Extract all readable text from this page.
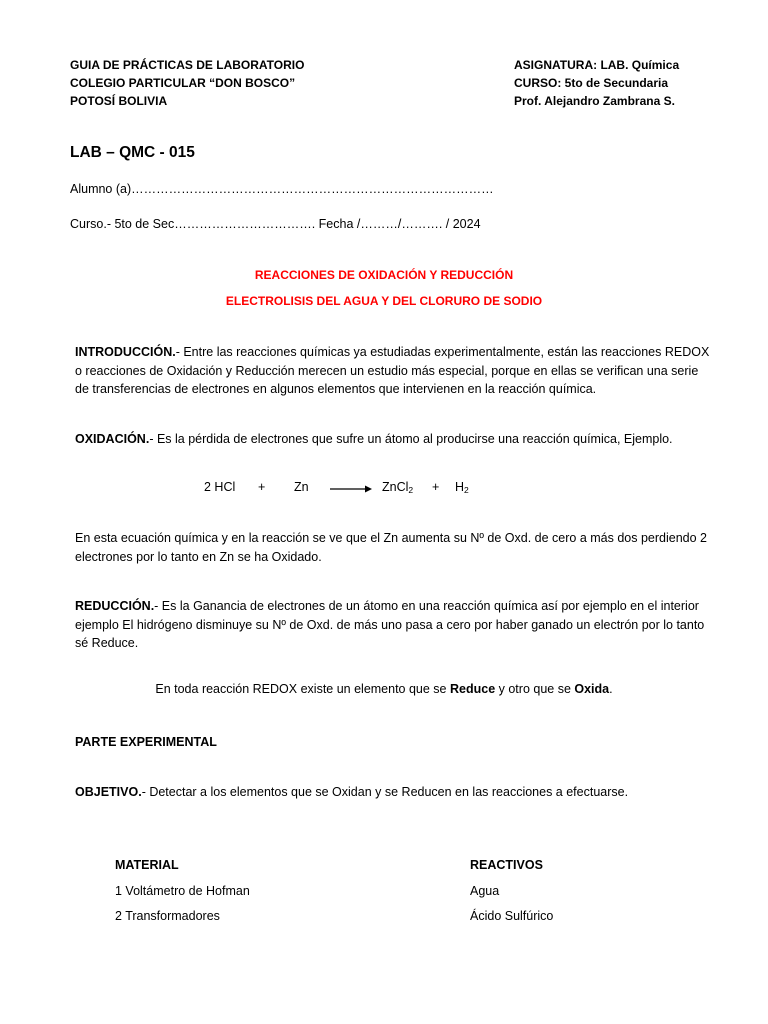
GUIA DE PRÁCTICAS DE LABORATORIO
COLEGIO PARTICULAR “DON BOSCO”
POTOSÍ BOLIVIA
ASIGNATURA: LAB. Química
CURSO: 5to de Secundaria
Prof. Alejandro Zambrana S.
LAB – QMC - 015
Alumno (a)……………………………………………………………………………
Curso.- 5to de Sec……………………………. Fecha /………/………. / 2024
REACCIONES DE OXIDACIÓN Y REDUCCIÓN
ELECTROLISIS DEL AGUA Y DEL CLORURO DE SODIO
INTRODUCCIÓN.- Entre las reacciones químicas ya estudiadas experimentalmente, están las reacciones REDOX o reacciones de Oxidación y Reducción merecen un estudio más especial, porque en ellas se verifican una serie de transferencias de electrones en algunos elementos que intervienen en la reacción química.
OXIDACIÓN.- Es la pérdida de electrones que sufre un átomo al producirse una reacción química, Ejemplo.
2 HCl + Zn → ZnCl$_2$ + $H_2$
En esta ecuación química y en la reacción se ve que el Zn aumenta su Nº de Oxd. de cero a más dos perdiendo 2 electrones por lo tanto en Zn se ha Oxidado.
REDUCCIÓN.- Es la Ganancia de electrones de un átomo en una reacción química así por ejemplo en el interior ejemplo El hidrógeno disminuye su Nº de Oxd. de más uno pasa a cero por haber ganado un electrón por lo tanto sé Reduce.
En toda reacción REDOX existe un elemento que se Reduce y otro que se Oxida.
PARTE EXPERIMENTAL
OBJETIVO.- Detectar a los elementos que se Oxidan y se Reducen en las reacciones a efectuarse.
MATERIAL
1 Voltámetro de Hofman
2 Transformadores
REACTIVOS
Agua
Ácido Sulfúrico
